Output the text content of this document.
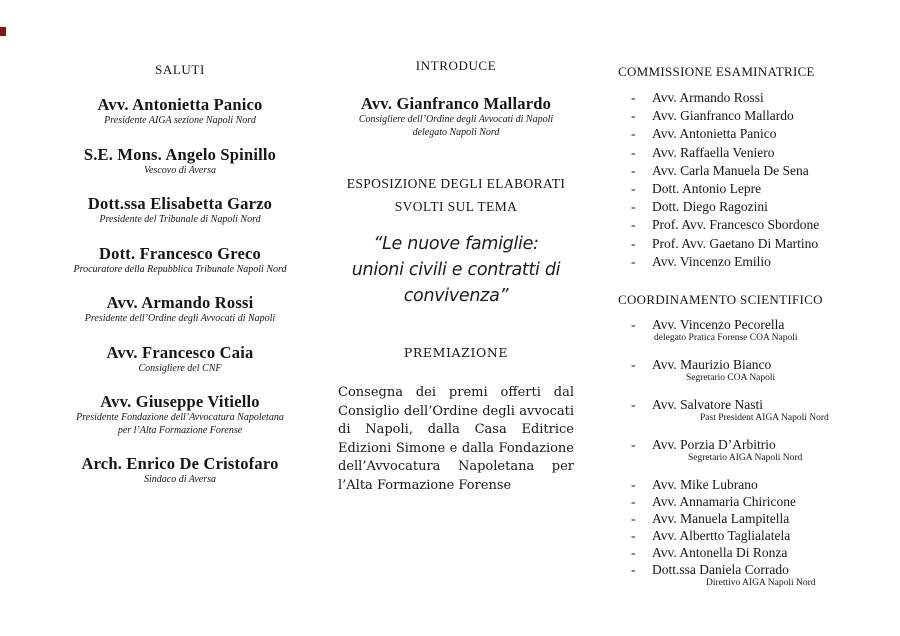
SALUTI
Avv. Antonietta Panico
Presidente AIGA sezione Napoli Nord
S.E. Mons. Angelo Spinillo
Vescovo di Aversa
Dott.ssa Elisabetta Garzo
Presidente del Tribunale di Napoli Nord
Dott. Francesco Greco
Procuratore della Repubblica Tribunale Napoli Nord
Avv. Armando Rossi
Presidente dell’Ordine degli Avvocati di Napoli
Avv. Francesco Caia
Consigliere del CNF
Avv. Giuseppe Vitiello
Presidente Fondazione dell’Avvocatura Napoletana
per l’Alta Formazione Forense
Arch. Enrico De Cristofaro
Sindaco di Aversa
INTRODUCE
Avv. Gianfranco Mallardo
Consigliere dell’Ordine degli Avvocati di Napoli
delegato Napoli Nord
ESPOSIZIONE DEGLI ELABORATI
SVOLTI SUL TEMA
“Le nuove famiglie:
unioni civili e contratti di
convivenza”
PREMIAZIONE

Consegna dei premi offerti dal Consiglio dell’Ordine degli avvocati di Napoli, dalla Casa Editrice Edizioni Simone e dalla Fondazione dell’Avvocatura Napoletana per l’Alta Formazione Forense

COMMISSIONE ESAMINATRICE
- Avv. Armando Rossi
- Avv. Gianfranco Mallardo
- Avv. Antonietta Panico
- Avv. Raffaella Veniero
- Avv. Carla Manuela De Sena
- Dott. Antonio Lepre
- Dott. Diego Ragozini
- Prof. Avv. Francesco Sbordone
- Prof. Avv. Gaetano Di Martino
- Avv. Vincenzo Emilio
COORDINAMENTO SCIENTIFICO
- Avv. Vincenzo Pecorella
delegato Pratica Forense COA Napoli
- Avv. Maurizio Bianco
Segretario COA Napoli
- Avv. Salvatore Nasti
Past President AIGA Napoli Nord
- Avv. Porzia D’Arbitrio
Segretario AIGA Napoli Nord
- Avv. Mike Lubrano
- Avv. Annamaria Chiricone
- Avv. Manuela Lampitella
- Avv. Albertto Taglialatela
- Avv. Antonella Di Ronza
- Dott.ssa Daniela Corrado
Direttivo AIGA Napoli Nord
